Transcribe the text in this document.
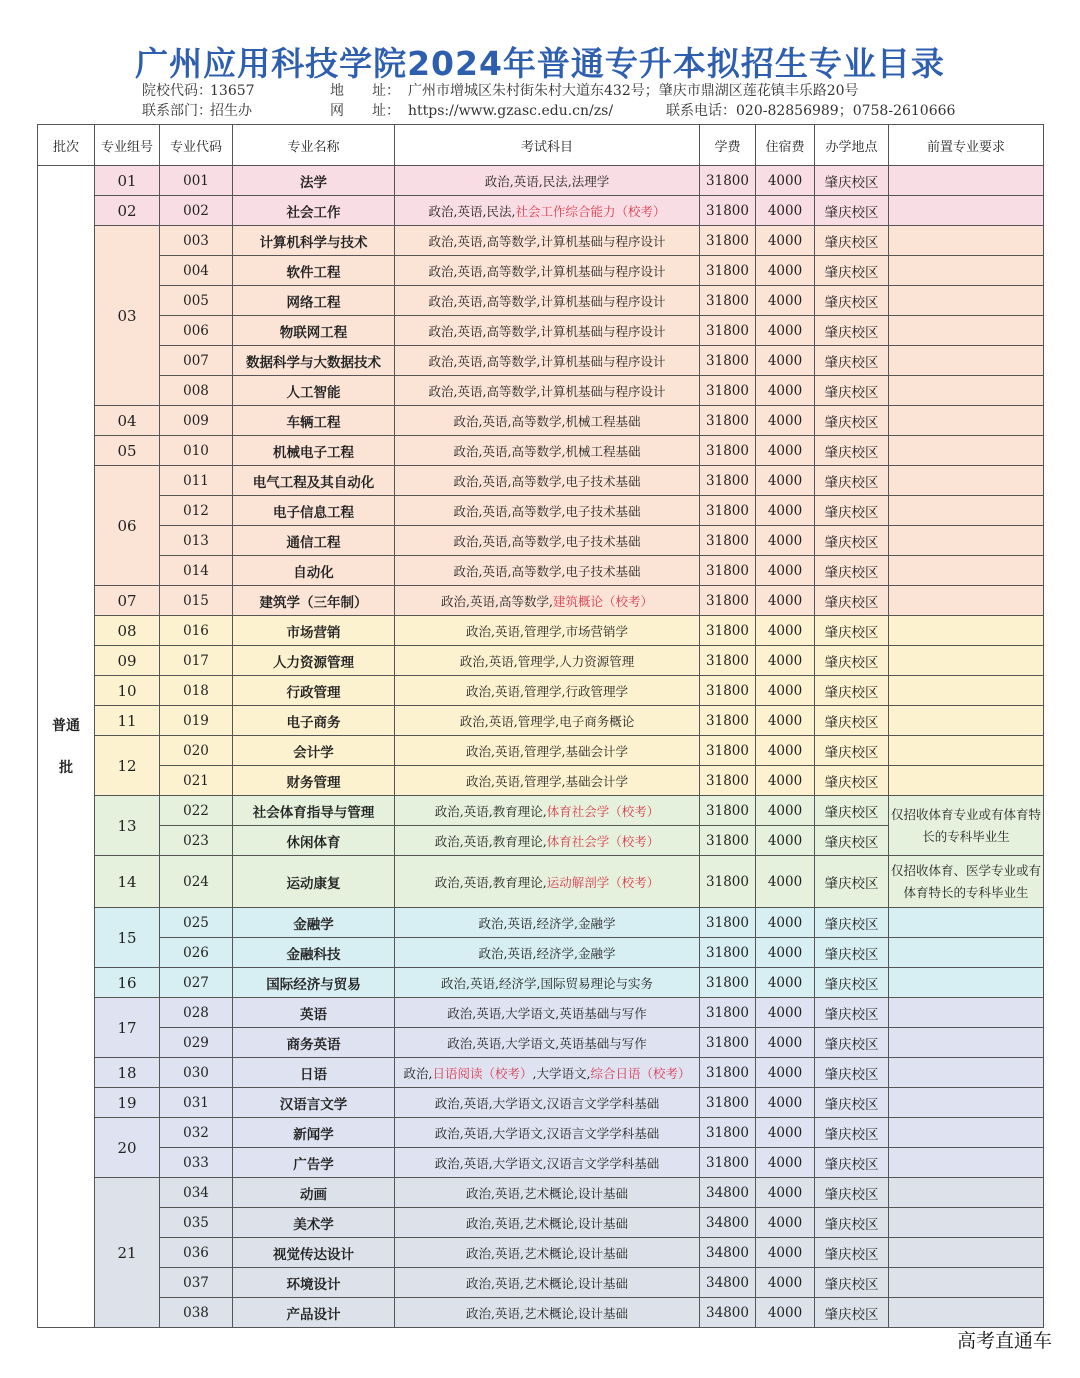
广州应用科技学院2024年普通专升本拟招生专业目录
院校代码：13657	地　　址： 广州市增城区朱村街朱村大道东432号；肇庆市鼎湖区莲花镇丰乐路20号
联系部门：招生办	网　　址： https://www.gzasc.edu.cn/zs/	联系电话：020-82856989；0758-2610666
批次	专业组号	专业代码	专业名称	考试科目	学费	住宿费	办学地点	前置专业要求
普通
批	01	001	法学	政治,英语,民法,法理学	31800	4000	肇庆校区	
	02	002	社会工作	政治,英语,民法,社会工作综合能力（校考）	31800	4000	肇庆校区	
	03	003	计算机科学与技术	政治,英语,高等数学,计算机基础与程序设计	31800	4000	肇庆校区	
		004	软件工程	政治,英语,高等数学,计算机基础与程序设计	31800	4000	肇庆校区	
		005	网络工程	政治,英语,高等数学,计算机基础与程序设计	31800	4000	肇庆校区	
		006	物联网工程	政治,英语,高等数学,计算机基础与程序设计	31800	4000	肇庆校区	
		007	数据科学与大数据技术	政治,英语,高等数学,计算机基础与程序设计	31800	4000	肇庆校区	
		008	人工智能	政治,英语,高等数学,计算机基础与程序设计	31800	4000	肇庆校区	
	04	009	车辆工程	政治,英语,高等数学,机械工程基础	31800	4000	肇庆校区	
	05	010	机械电子工程	政治,英语,高等数学,机械工程基础	31800	4000	肇庆校区	
	06	011	电气工程及其自动化	政治,英语,高等数学,电子技术基础	31800	4000	肇庆校区	
		012	电子信息工程	政治,英语,高等数学,电子技术基础	31800	4000	肇庆校区	
		013	通信工程	政治,英语,高等数学,电子技术基础	31800	4000	肇庆校区	
		014	自动化	政治,英语,高等数学,电子技术基础	31800	4000	肇庆校区	
	07	015	建筑学（三年制）	政治,英语,高等数学,建筑概论（校考）	31800	4000	肇庆校区	
	08	016	市场营销	政治,英语,管理学,市场营销学	31800	4000	肇庆校区	
	09	017	人力资源管理	政治,英语,管理学,人力资源管理	31800	4000	肇庆校区	
	10	018	行政管理	政治,英语,管理学,行政管理学	31800	4000	肇庆校区	
	11	019	电子商务	政治,英语,管理学,电子商务概论	31800	4000	肇庆校区	
	12	020	会计学	政治,英语,管理学,基础会计学	31800	4000	肇庆校区	
		021	财务管理	政治,英语,管理学,基础会计学	31800	4000	肇庆校区	
	13	022	社会体育指导与管理	政治,英语,教育理论,体育社会学（校考）	31800	4000	肇庆校区	仅招收体育专业或有体育特长的专科毕业生
		023	休闲体育	政治,英语,教育理论,体育社会学（校考）	31800	4000	肇庆校区	
	14	024	运动康复	政治,英语,教育理论,运动解剖学（校考）	31800	4000	肇庆校区	仅招收体育、医学专业或有体育特长的专科毕业生
	15	025	金融学	政治,英语,经济学,金融学	31800	4000	肇庆校区	
		026	金融科技	政治,英语,经济学,金融学	31800	4000	肇庆校区	
	16	027	国际经济与贸易	政治,英语,经济学,国际贸易理论与实务	31800	4000	肇庆校区	
	17	028	英语	政治,英语,大学语文,英语基础与写作	31800	4000	肇庆校区	
		029	商务英语	政治,英语,大学语文,英语基础与写作	31800	4000	肇庆校区	
	18	030	日语	政治,日语阅读（校考）,大学语文,综合日语（校考）	31800	4000	肇庆校区	
	19	031	汉语言文学	政治,英语,大学语文,汉语言文学学科基础	31800	4000	肇庆校区	
	20	032	新闻学	政治,英语,大学语文,汉语言文学学科基础	31800	4000	肇庆校区	
		033	广告学	政治,英语,大学语文,汉语言文学学科基础	31800	4000	肇庆校区	
	21	034	动画	政治,英语,艺术概论,设计基础	34800	4000	肇庆校区	
		035	美术学	政治,英语,艺术概论,设计基础	34800	4000	肇庆校区	
		036	视觉传达设计	政治,英语,艺术概论,设计基础	34800	4000	肇庆校区	
		037	环境设计	政治,英语,艺术概论,设计基础	34800	4000	肇庆校区	
		038	产品设计	政治,英语,艺术概论,设计基础	34800	4000	肇庆校区	
高考直通车
